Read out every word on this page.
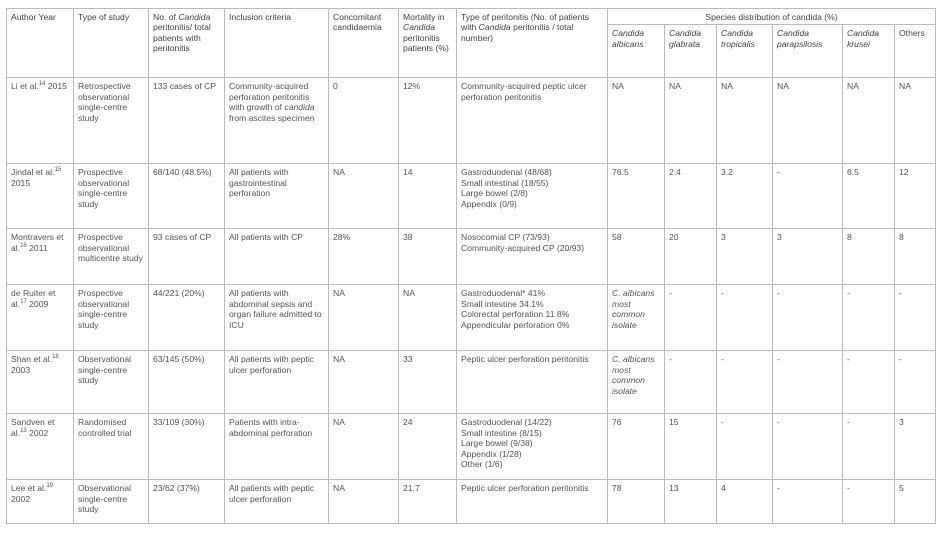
Author Year	Type of study	No. of Candida peritonitis/ total patients with peritonitis	Inclusion criteria	Concomitant candidaemia	Mortality in Candida peritonitis patients (%)	Type of peritonitis (No. of patients with Candida peritonitis / total number)	Species distribution of candida (%)					
							Candida albicans	Candida glabrata	Candida tropicalis	Candida parapsilosis	Candida krusei	Others
Li et al.$^{14}$ 2015	Retrospective observational single-centre study	133 cases of CP	Community-acquired perforation peritonitis with growth of candida from ascites specimen	0	12%	Community-acquired peptic ulcer perforation peritonitis	NA	NA	NA	NA	NA	NA
Jindal et al.$^{15}$ 2015	Prospective observational single-centre study	68/140 (48.5%)	All patients with gastrointestinal perforation	NA	14	Gastroduodenal (48/68)
Small intestinal (18/55)
Large bowel (2/8)
Appendix (0/9)	76.5	2.4	3.2	-	6.5	12
Montravers et al.$^{16}$ 2011	Prospective observational multicentre study	93 cases of CP	All patients with CP	28%	38	Nosocomial CP (73/93)
Community-acquired CP (20/93)	58	20	3	3	8	8
de Ruiter et al.$^{17}$ 2009	Prospective observational single-centre study	44/221 (20%)	All patients with abdominal sepsis and organ failure admitted to ICU	NA	NA	Gastroduodenal* 41%
Small intestine 34.1%
Colorectal perforation 11.8%
Appendicular perforation 0%	C. albicans most common isolate	-	-	-	-	-
Shan et al.$^{18}$ 2003	Observational single-centre study	63/145 (50%)	All patients with peptic ulcer perforation	NA	33	Peptic ulcer perforation peritonitis	C. albicans most common isolate	-	-	-	-	-
Sandven et al.$^{13}$ 2002	Randomised controlled trial	33/109 (30%)	Patients with intra-abdominal perforation	NA	24	Gastroduodenal (14/22)
Small intestine (8/15)
Large bowel (9/38)
Appendix (1/28)
Other (1/6)	76	15	-	-	-	3
Lee et al.$^{19}$ 2002	Observational single-centre study	23/62 (37%)	All patients with peptic ulcer perforation	NA	21.7	Peptic ulcer perforation peritonitis	78	13	4	-	-	5
